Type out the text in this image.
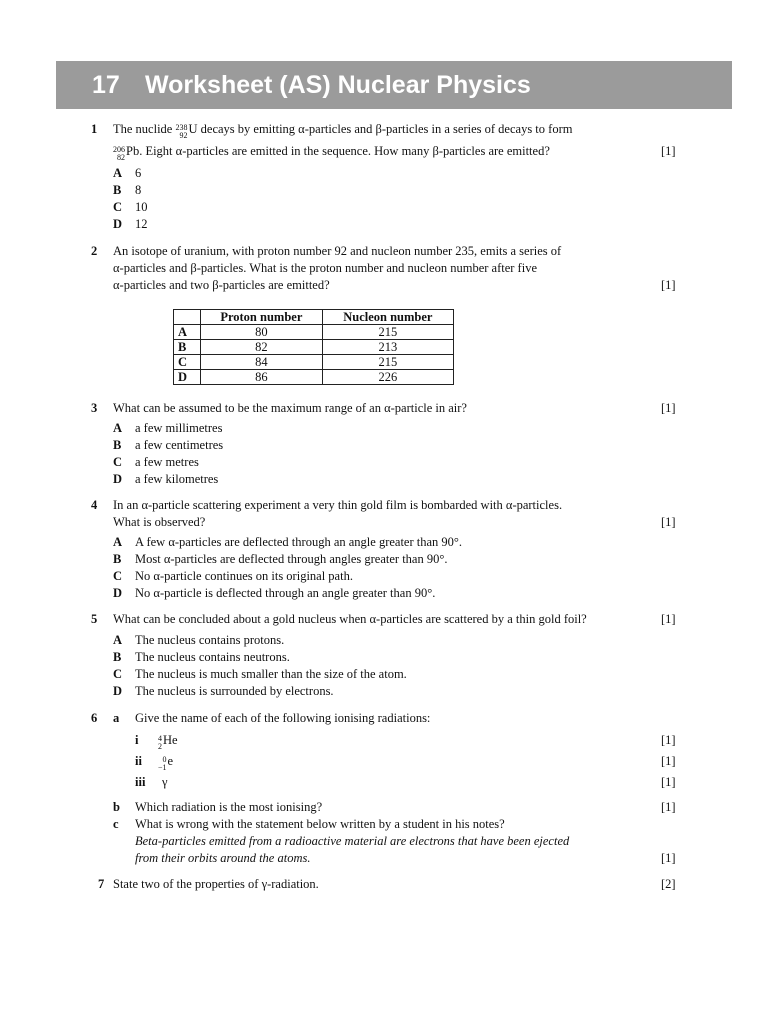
17 Worksheet (AS) Nuclear Physics
1 The nuclide 238
92 U decays by emitting α-particles and β-particles in a series of decays to form
206
82 Pb. Eight α-particles are emitted in the sequence. How many β-particles are emitted?	[1]
A 6
B 8
C 10
D 12
2 An isotope of uranium, with proton number 92 and nucleon number 235, emits a series of
α-particles and β-particles. What is the proton number and nucleon number after five
α-particles and two β-particles are emitted?	[1]
	Proton number	Nucleon number
A	80	215
B	82	213
C	84	215
D	86	226
3 What can be assumed to be the maximum range of an α-particle in air?	[1]
A a few millimetres
B a few centimetres
C a few metres
D a few kilometres
4 In an α-particle scattering experiment a very thin gold film is bombarded with α-particles.
What is observed?	[1]
A A few α-particles are deflected through an angle greater than 90°.
B Most α-particles are deflected through angles greater than 90°.
C No α-particle continues on its original path.
D No α-particle is deflected through an angle greater than 90°.
5 What can be concluded about a gold nucleus when α-particles are scattered by a thin gold foil?	[1]
A The nucleus contains protons.
B The nucleus contains neutrons.
C The nucleus is much smaller than the size of the atom.
D The nucleus is surrounded by electrons.
6 a Give the name of each of the following ionising radiations:
i 4
2 He	[1]
ii	0
−1 e	[1]
iii γ	[1]
b Which radiation is the most ionising?	[1]
c What is wrong with the statement below written by a student in his notes?
Beta-particles emitted from a radioactive material are electrons that have been ejected
from their orbits around the atoms.	[1]
7 State two of the properties of γ-radiation.	[2]
